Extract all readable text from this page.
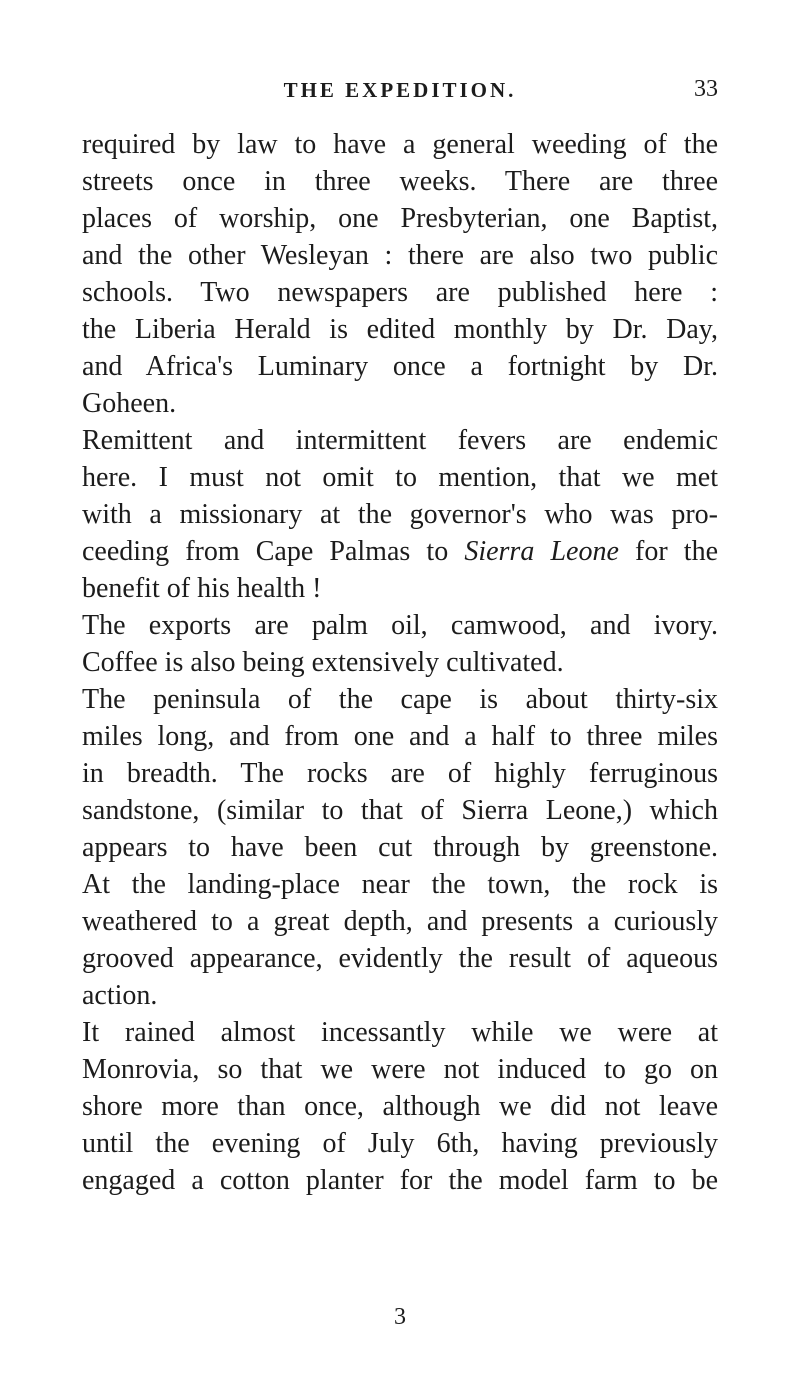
THE EXPEDITION.	33
required by law to have a general weeding of the
streets once in three weeks. There are three
places of worship, one Presbyterian, one Baptist,
and the other Wesleyan : there are also two public
schools. Two newspapers are published here :
the Liberia Herald is edited monthly by Dr. Day,
and Africa's Luminary once a fortnight by Dr.
Goheen.
Remittent and intermittent fevers are endemic
here. I must not omit to mention, that we met
with a missionary at the governor's who was pro-
ceeding from Cape Palmas to Sierra Leone for the
benefit of his health !
The exports are palm oil, camwood, and ivory.
Coffee is also being extensively cultivated.
The peninsula of the cape is about thirty-six
miles long, and from one and a half to three miles
in breadth. The rocks are of highly ferruginous
sandstone, (similar to that of Sierra Leone,) which
appears to have been cut through by greenstone.
At the landing-place near the town, the rock is
weathered to a great depth, and presents a curiously
grooved appearance, evidently the result of aqueous
action.
It rained almost incessantly while we were at
Monrovia, so that we were not induced to go on
shore more than once, although we did not leave
until the evening of July 6th, having previously
engaged a cotton planter for the model farm to be
3
